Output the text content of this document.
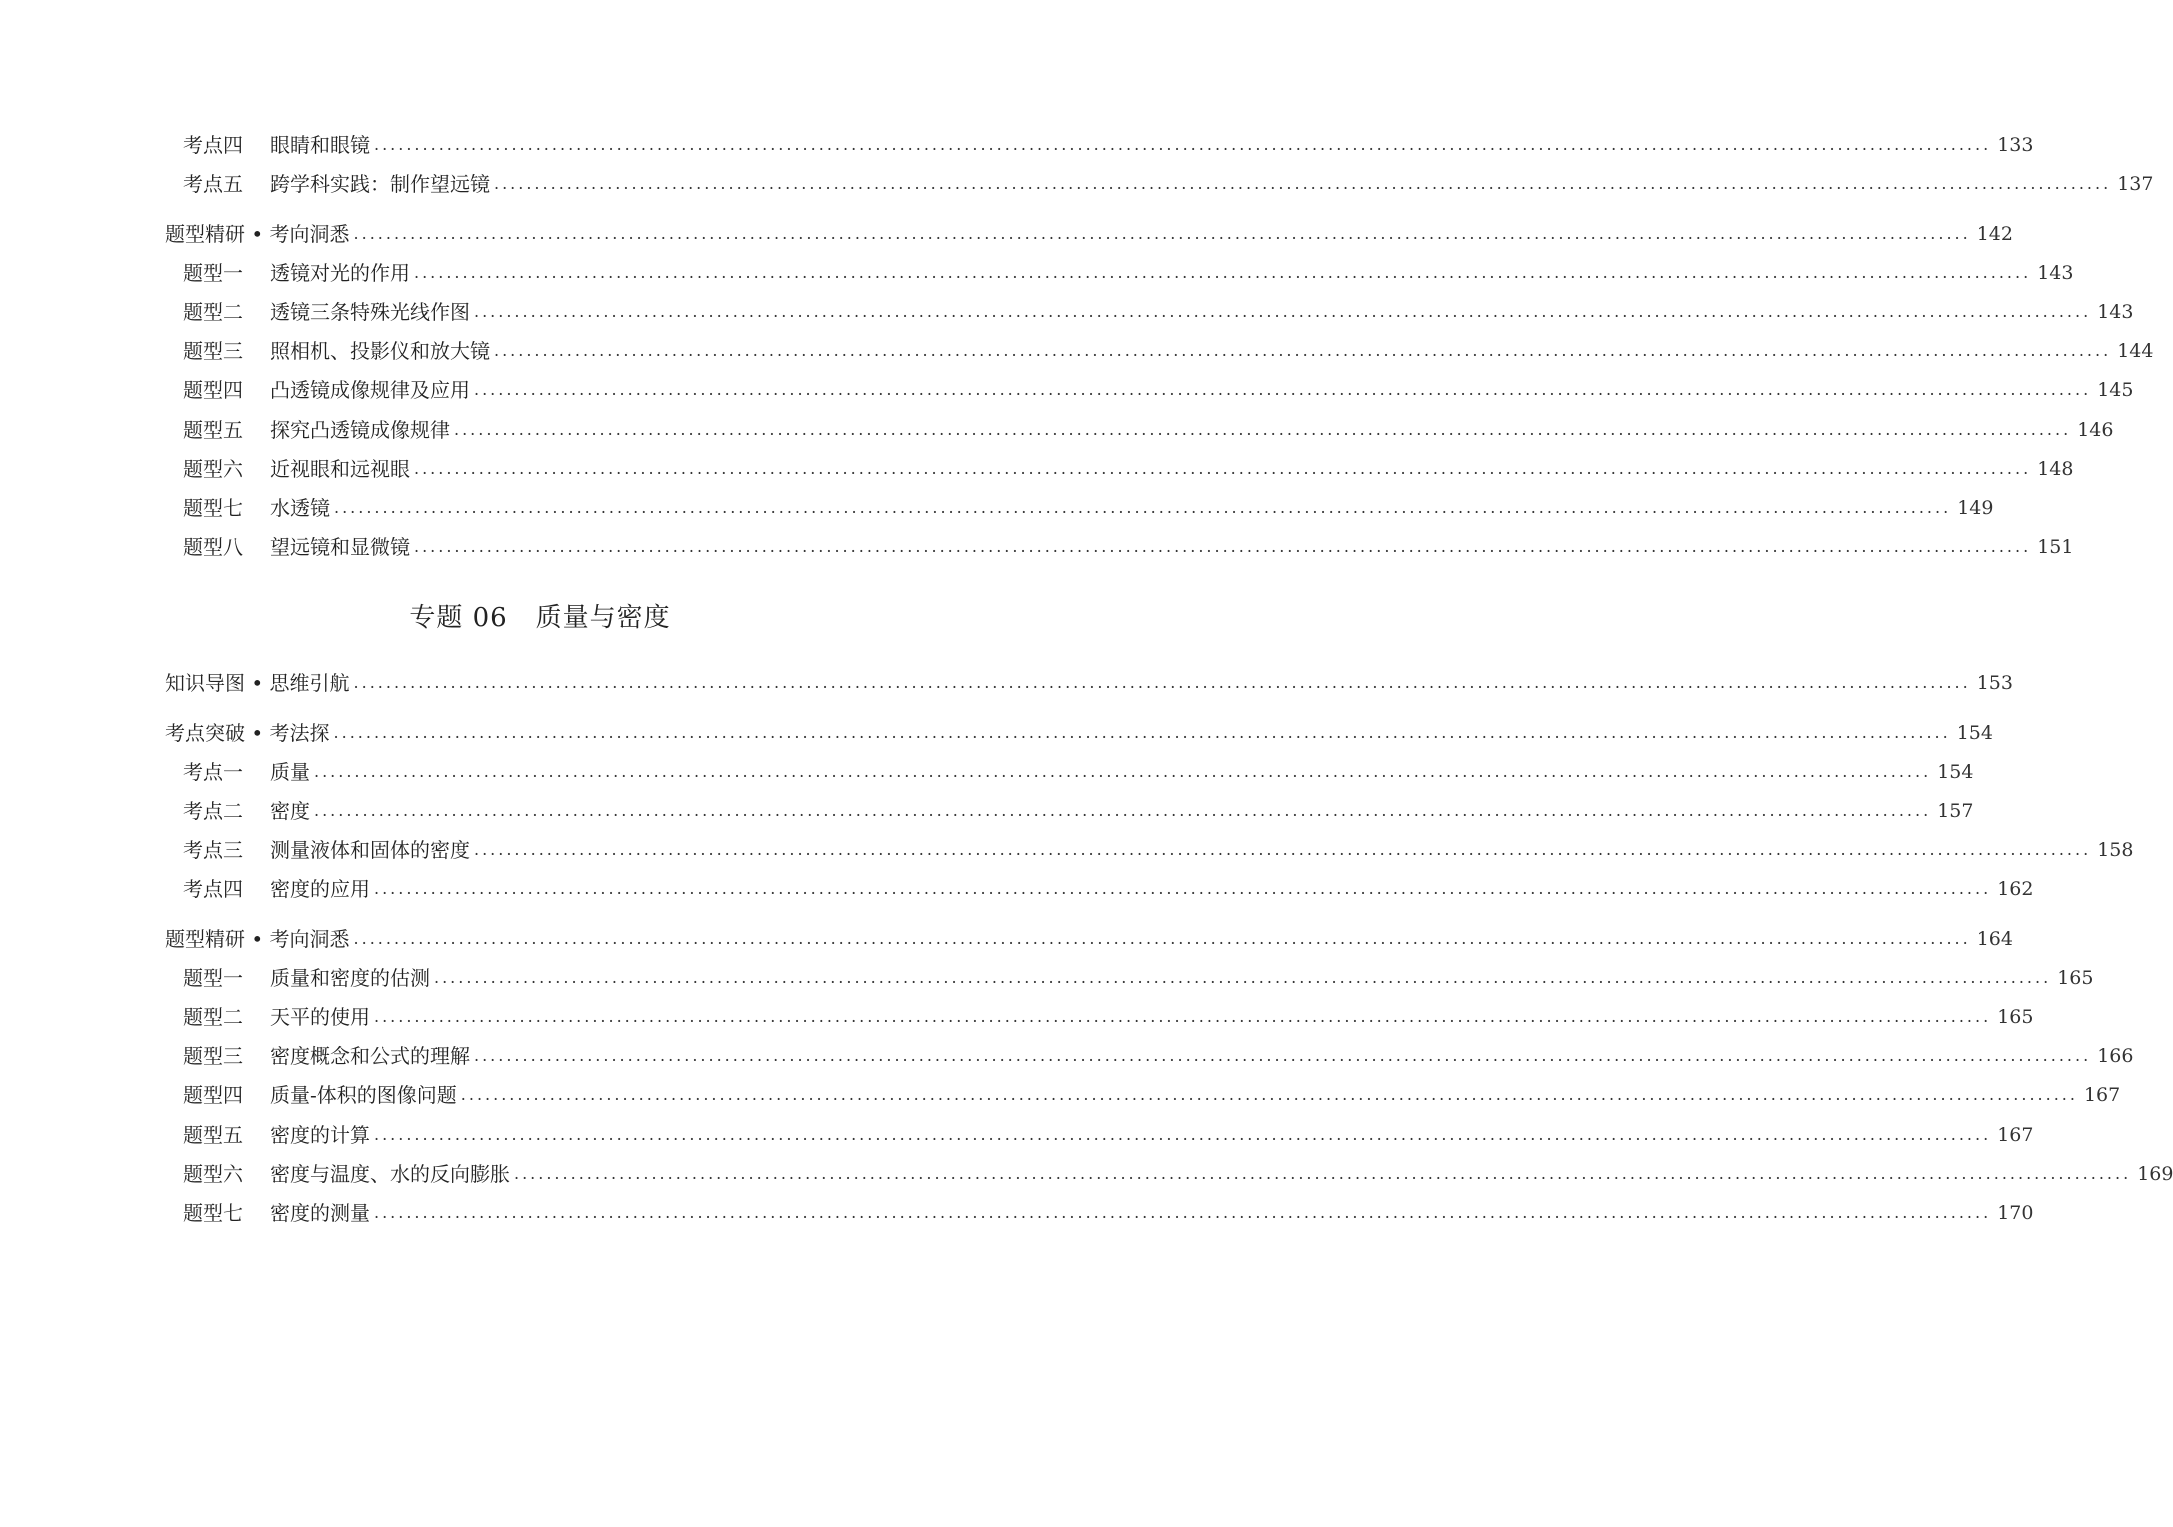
考点四 眼睛和眼镜 ........................................................................................................................................................................................................ 133
考点五 跨学科实践：制作望远镜 ........................................................................................................................................................................................................ 137
题型精研 • 考向洞悉 ........................................................................................................................................................................................................ 142
题型一 透镜对光的作用 ........................................................................................................................................................................................................ 143
题型二 透镜三条特殊光线作图 ........................................................................................................................................................................................................ 143
题型三 照相机、投影仪和放大镜 ........................................................................................................................................................................................................ 144
题型四 凸透镜成像规律及应用 ........................................................................................................................................................................................................ 145
题型五 探究凸透镜成像规律 ........................................................................................................................................................................................................ 146
题型六 近视眼和远视眼 ........................................................................................................................................................................................................ 148
题型七 水透镜 ........................................................................................................................................................................................................ 149
题型八 望远镜和显微镜 ........................................................................................................................................................................................................ 151
专题 06 质量与密度
知识导图 • 思维引航 ........................................................................................................................................................................................................ 153
考点突破 • 考法探 ........................................................................................................................................................................................................ 154
考点一 质量 ........................................................................................................................................................................................................ 154
考点二 密度 ........................................................................................................................................................................................................ 157
考点三 测量液体和固体的密度 ........................................................................................................................................................................................................ 158
考点四 密度的应用 ........................................................................................................................................................................................................ 162
题型精研 • 考向洞悉 ........................................................................................................................................................................................................ 164
题型一 质量和密度的估测 ........................................................................................................................................................................................................ 165
题型二 天平的使用 ........................................................................................................................................................................................................ 165
题型三 密度概念和公式的理解 ........................................................................................................................................................................................................ 166
题型四 质量-体积的图像问题 ........................................................................................................................................................................................................ 167
题型五 密度的计算 ........................................................................................................................................................................................................ 167
题型六 密度与温度、水的反向膨胀 ........................................................................................................................................................................................................ 169
题型七 密度的测量 ........................................................................................................................................................................................................ 170
